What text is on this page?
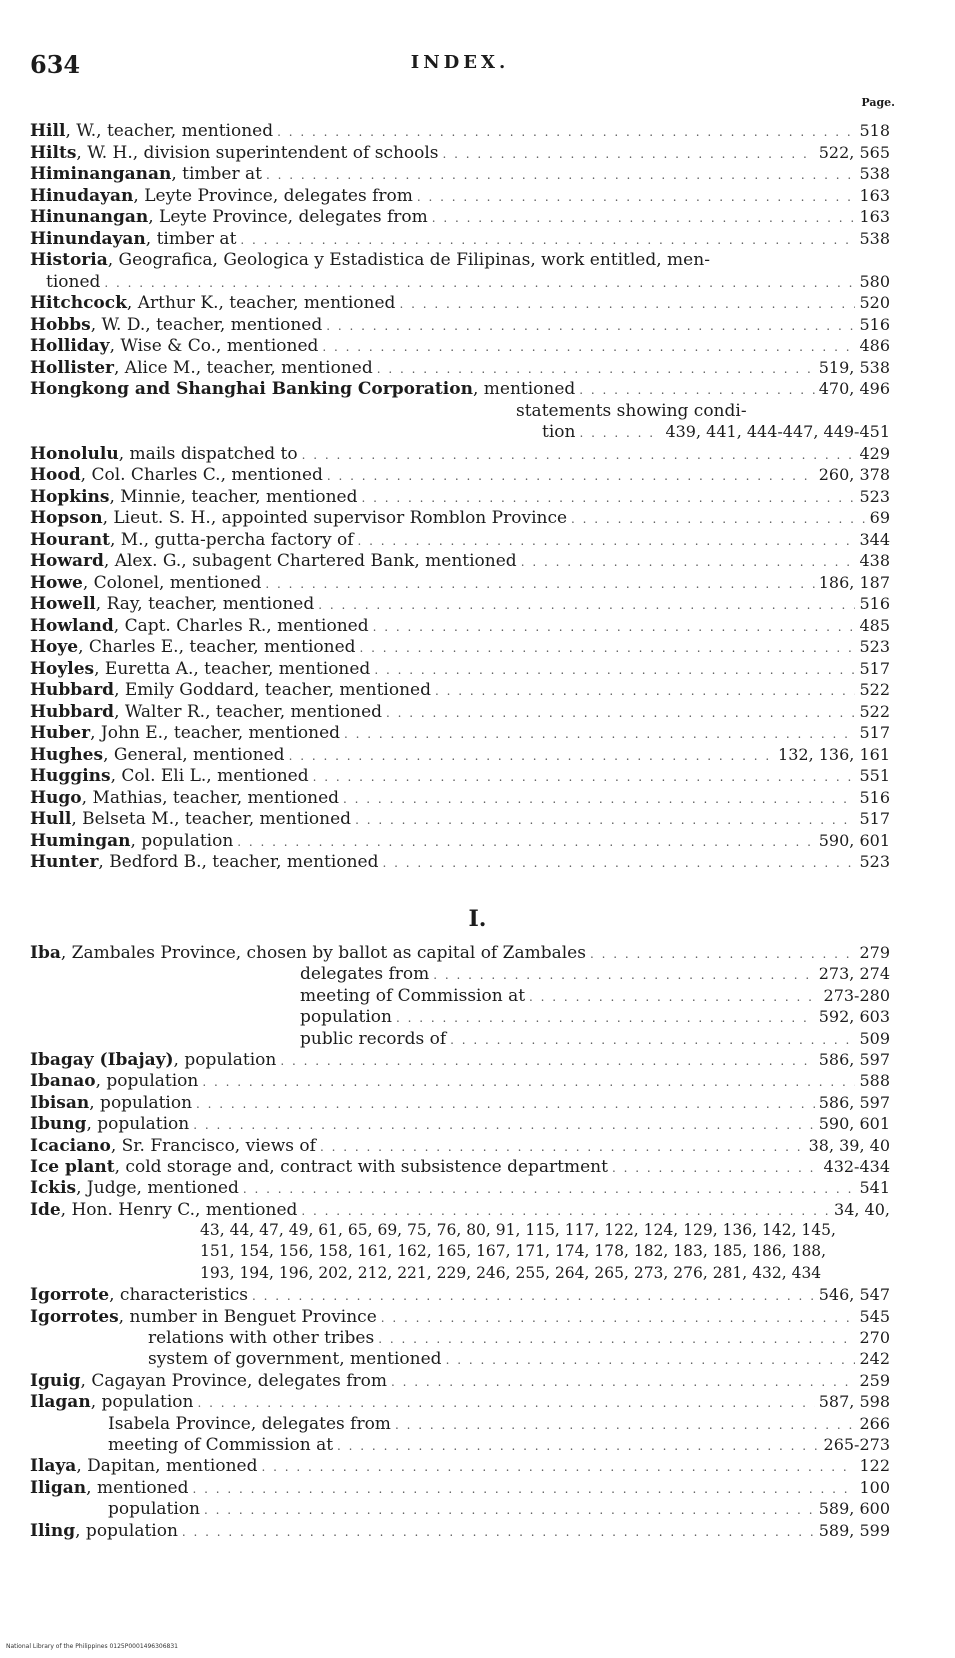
634	INDEX.
Page.
Hill, W., teacher, mentioned . . .	518
Hilts, W. H., division superintendent of schools . . .	522, 565
Himinanganan, timber at . . .	538
Hinudayan, Leyte Province, delegates from . . .	163
Hinunangan, Leyte Province, delegates from . . .	163
Hinundayan, timber at . . .	538
Historia, Geografica, Geologica y Estadistica de Filipinas, work entitled, men-
tioned . . .	580
Hitchcock, Arthur K., teacher, mentioned . . .	520
Hobbs, W. D., teacher, mentioned . . .	516
Holliday, Wise & Co., mentioned . . .	486
Hollister, Alice M., teacher, mentioned . . .	519, 538
Hongkong and Shanghai Banking Corporation, mentioned . . .	470, 496
statements showing condi-
tion . . .	439, 441, 444-447, 449-451
Honolulu, mails dispatched to . . .	429
Hood, Col. Charles C., mentioned . . .	260, 378
Hopkins, Minnie, teacher, mentioned . . .	523
Hopson, Lieut. S. H., appointed supervisor Romblon Province . . .	69
Hourant, M., gutta-percha factory of . . .	344
Howard, Alex. G., subagent Chartered Bank, mentioned . . .	438
Howe, Colonel, mentioned . . .	186, 187
Howell, Ray, teacher, mentioned . . .	516
Howland, Capt. Charles R., mentioned . . .	485
Hoye, Charles E., teacher, mentioned . . .	523
Hoyles, Euretta A., teacher, mentioned . . .	517
Hubbard, Emily Goddard, teacher, mentioned . . .	522
Hubbard, Walter R., teacher, mentioned . . .	522
Huber, John E., teacher, mentioned . . .	517
Hughes, General, mentioned . . .	132, 136, 161
Huggins, Col. Eli L., mentioned . . .	551
Hugo, Mathias, teacher, mentioned . . .	516
Hull, Belseta M., teacher, mentioned . . .	517
Humingan, population . . .	590, 601
Hunter, Bedford B., teacher, mentioned . . .	523
I.
Iba, Zambales Province, chosen by ballot as capital of Zambales . . .	279
delegates from . . .	273, 274
meeting of Commission at . . .	273-280
population . . .	592, 603
public records of . . .	509
Ibagay (Ibajay), population . . .	586, 597
Ibanao, population . . .	588
Ibisan, population . . .	586, 597
Ibung, population . . .	590, 601
Icaciano, Sr. Francisco, views of . . .	38, 39, 40
Ice plant, cold storage and, contract with subsistence department . . .	432-434
Ickis, Judge, mentioned . . .	541
Ide, Hon. Henry C., mentioned . . .	34, 40,
43, 44, 47, 49, 61, 65, 69, 75, 76, 80, 91, 115, 117, 122, 124, 129, 136, 142, 145,
151, 154, 156, 158, 161, 162, 165, 167, 171, 174, 178, 182, 183, 185, 186, 188,
193, 194, 196, 202, 212, 221, 229, 246, 255, 264, 265, 273, 276, 281, 432, 434
Igorrote, characteristics . . .	546, 547
Igorrotes, number in Benguet Province . . .	545
relations with other tribes . . .	270
system of government, mentioned . . .	242
Iguig, Cagayan Province, delegates from . . .	259
Ilagan, population . . .	587, 598
Isabela Province, delegates from . . .	266
meeting of Commission at . . .	265-273
Ilaya, Dapitan, mentioned . . .	122
Iligan, mentioned . . .	100
population . . .	589, 600
Iling, population . . .	589, 599
National Library of the Philippines 0125P0001496306831
